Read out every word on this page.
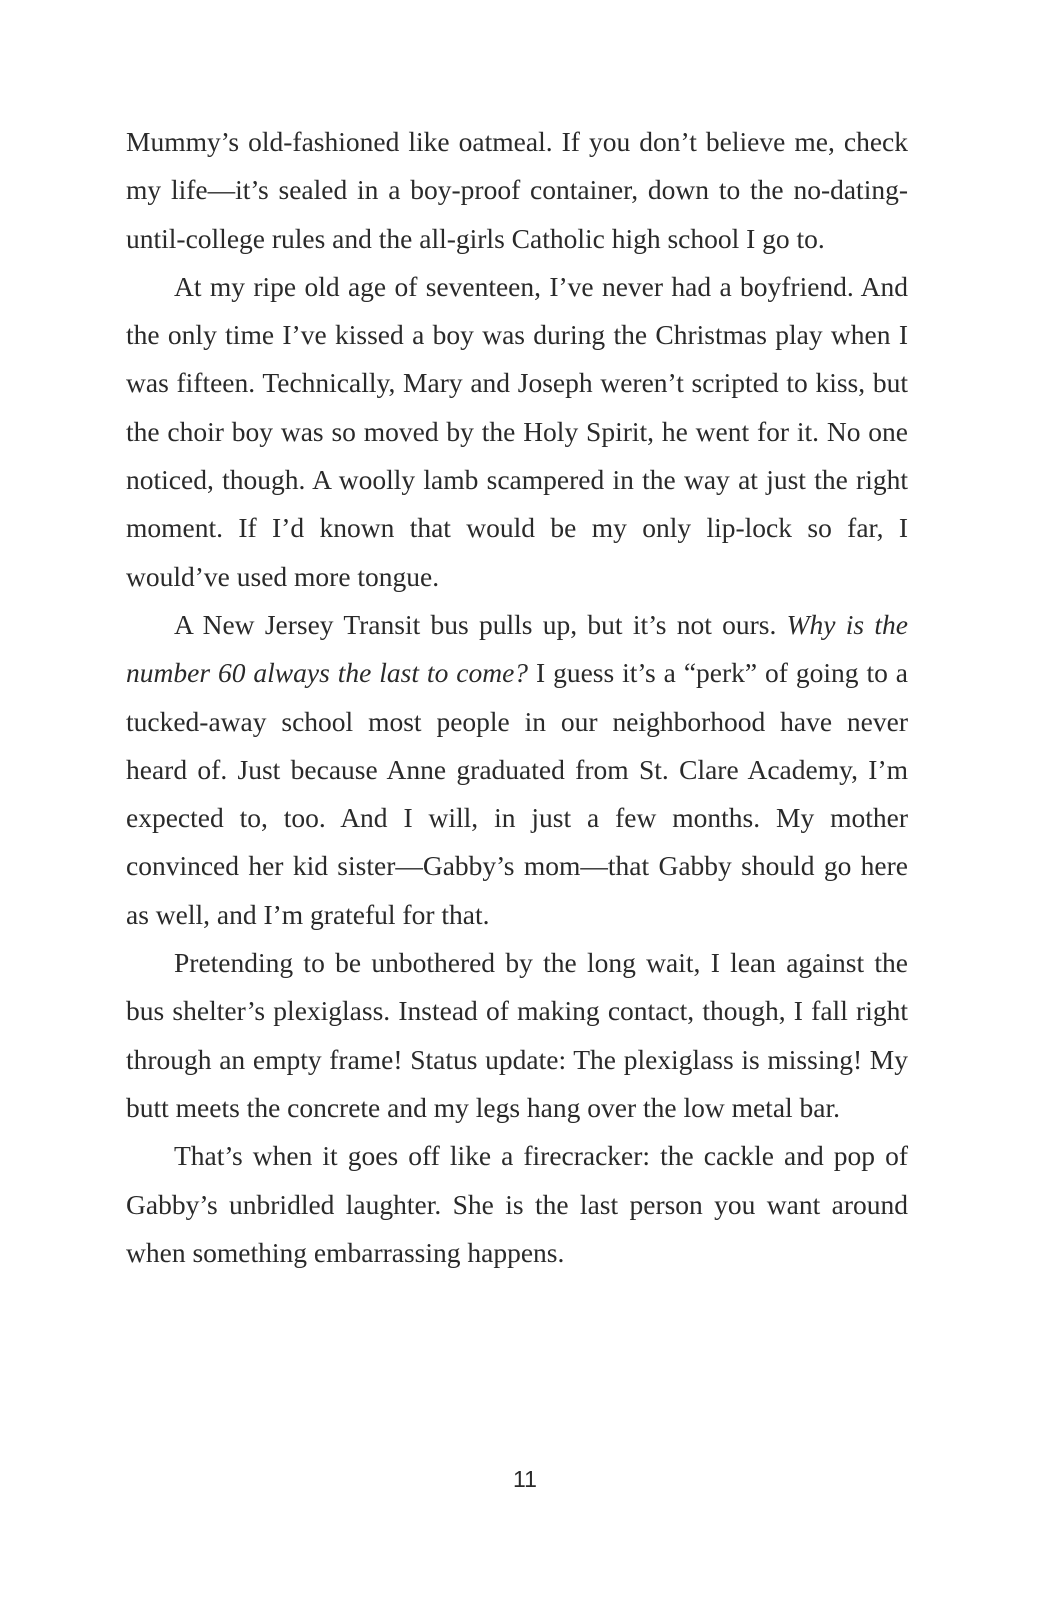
Mummy’s old-fashioned like oatmeal. If you don’t believe me, check my life—it’s sealed in a boy-proof container, down to the no-dating-until-college rules and the all-girls Catholic high school I go to.

At my ripe old age of seventeen, I’ve never had a boyfriend. And the only time I’ve kissed a boy was during the Christmas play when I was fifteen. Technically, Mary and Joseph weren’t scripted to kiss, but the choir boy was so moved by the Holy Spirit, he went for it. No one noticed, though. A woolly lamb scampered in the way at just the right moment. If I’d known that would be my only lip-lock so far, I would’ve used more tongue.

A New Jersey Transit bus pulls up, but it’s not ours. Why is the number 60 always the last to come? I guess it’s a “perk” of going to a tucked-away school most people in our neighborhood have never heard of. Just because Anne graduated from St. Clare Academy, I’m expected to, too. And I will, in just a few months. My mother convinced her kid sister—Gabby’s mom—that Gabby should go here as well, and I’m grateful for that.

Pretending to be unbothered by the long wait, I lean against the bus shelter’s plexiglass. Instead of making contact, though, I fall right through an empty frame! Status update: The plexiglass is missing! My butt meets the concrete and my legs hang over the low metal bar.

That’s when it goes off like a firecracker: the cackle and pop of Gabby’s unbridled laughter. She is the last person you want around when something embarrassing happens.

11
